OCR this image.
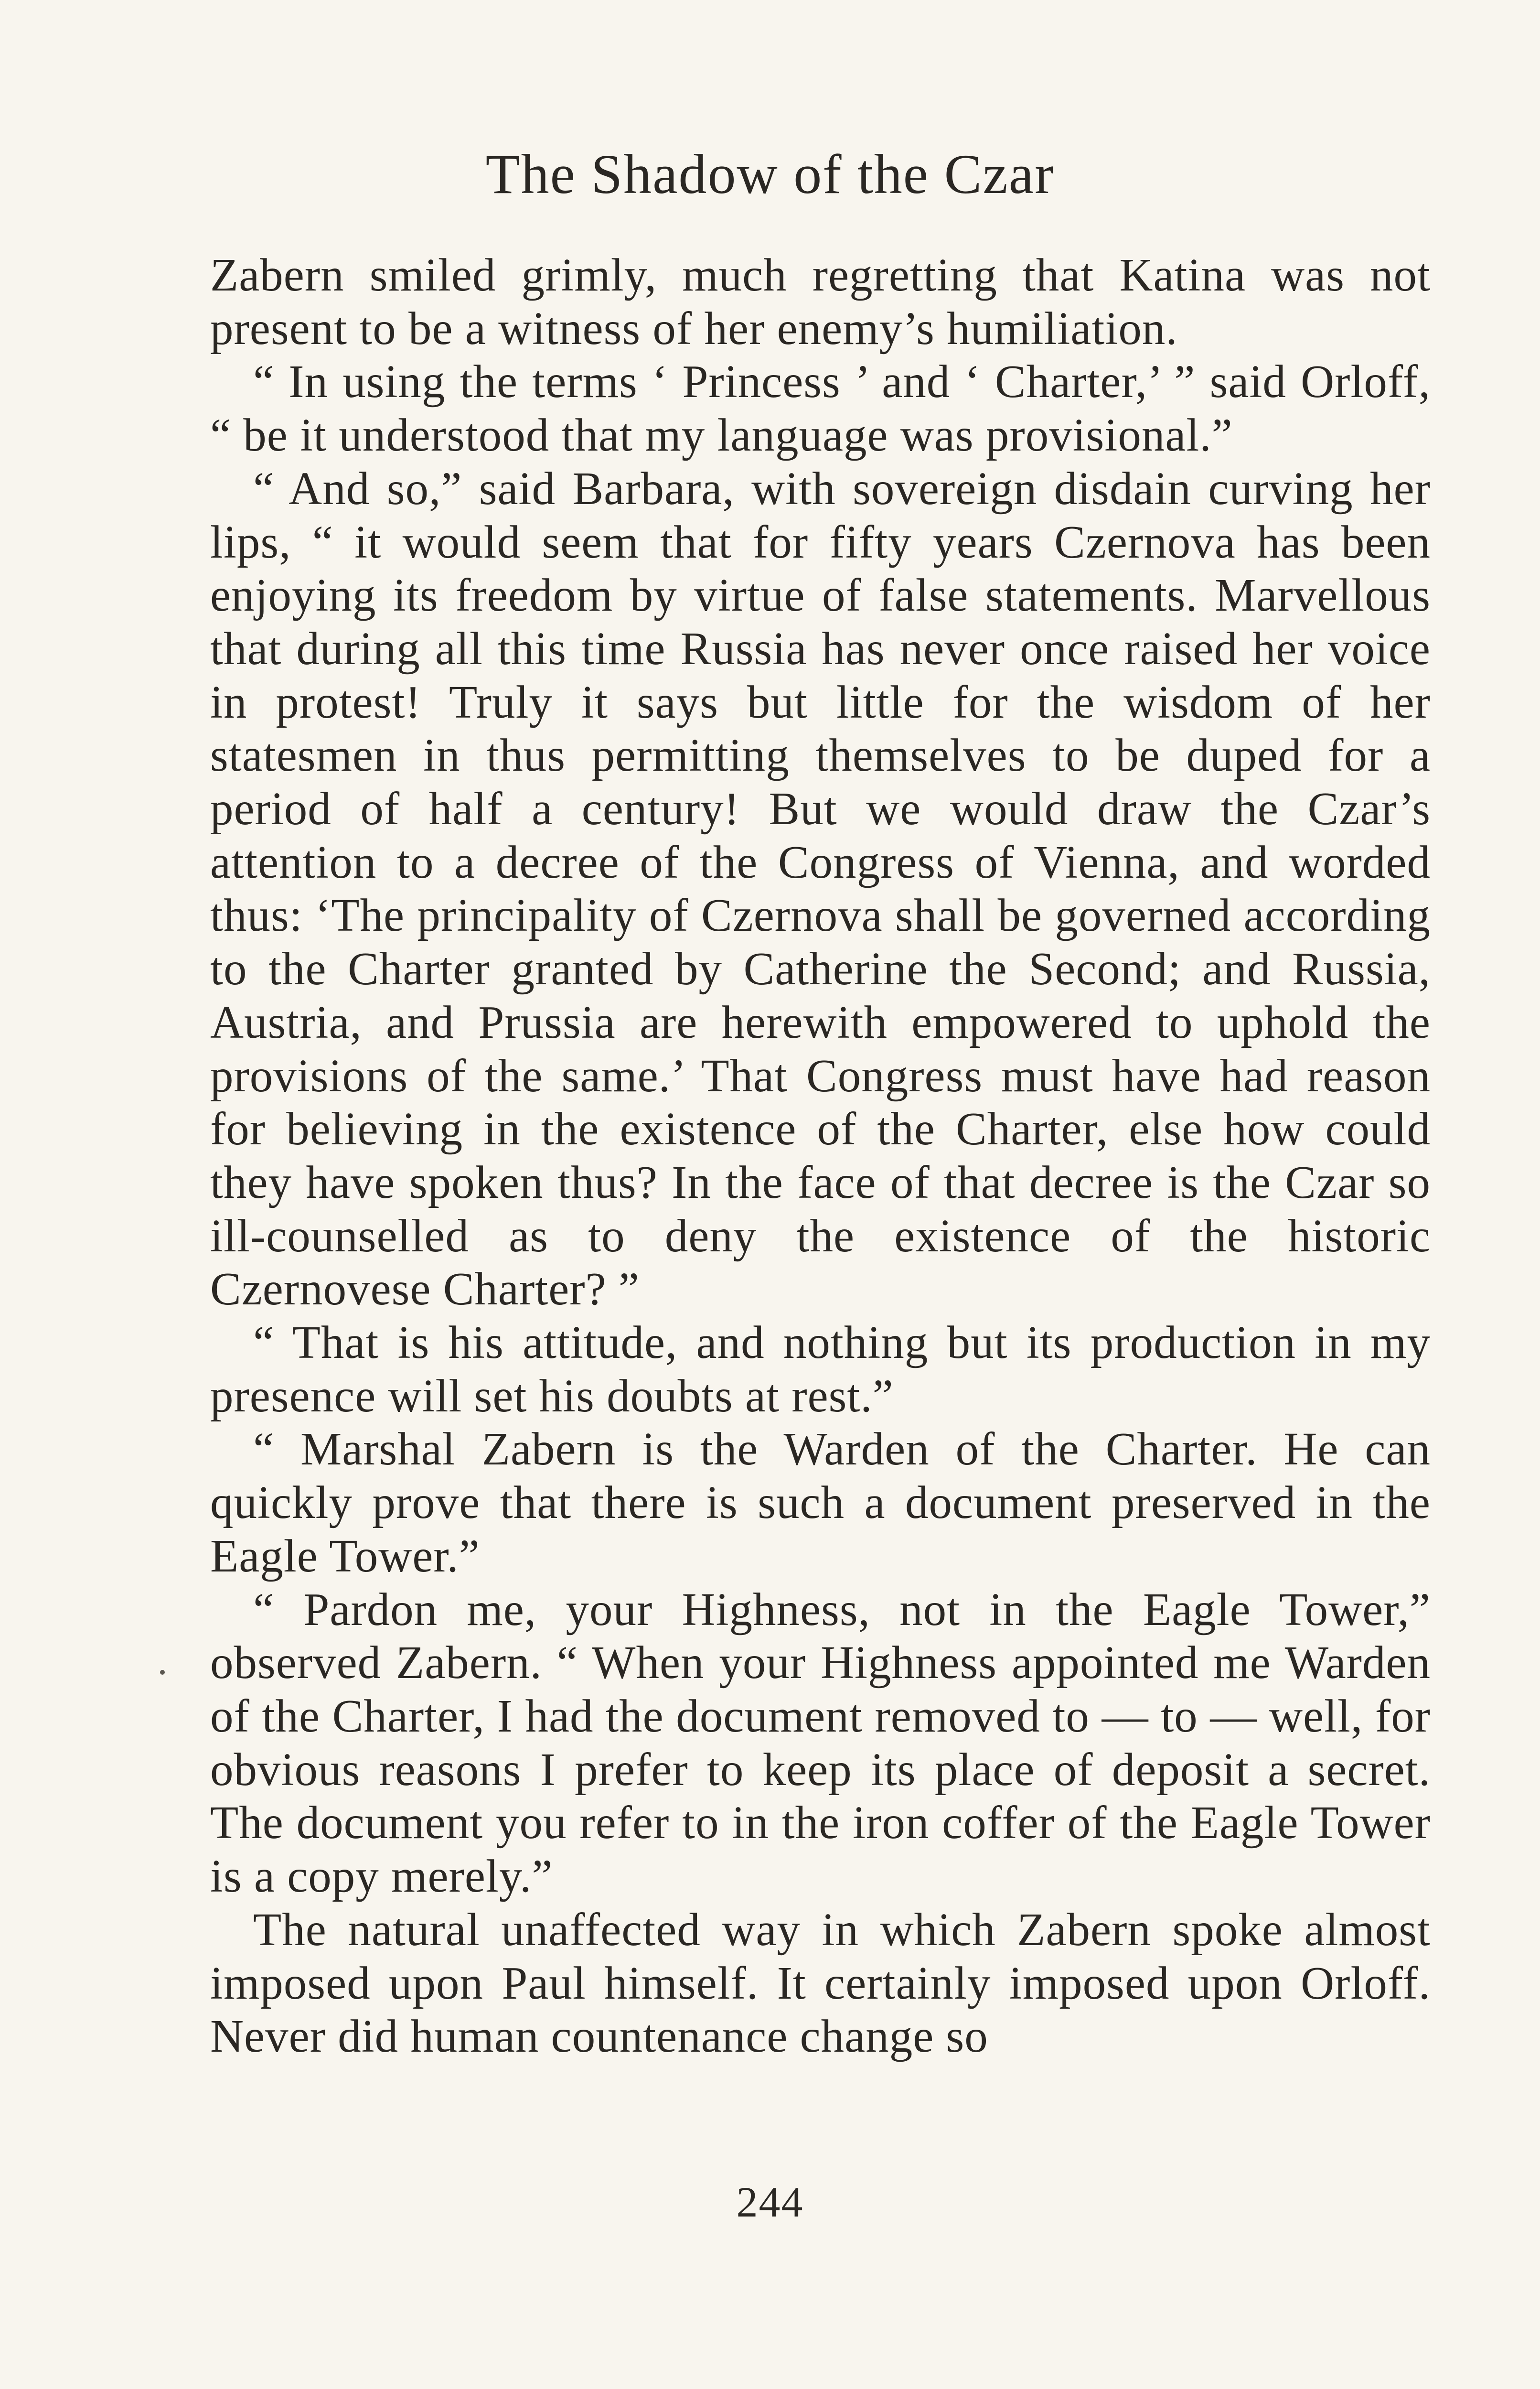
The Shadow of the Czar

Zabern smiled grimly, much regretting that Katina was not present to be a witness of her enemy’s humiliation.

“ In using the terms ‘ Princess ’ and ‘ Charter,’ ” said Orloff, “ be it understood that my language was provisional.”

“ And so,” said Barbara, with sovereign disdain curving her lips, “ it would seem that for fifty years Czernova has been enjoying its freedom by virtue of false statements. Marvellous that during all this time Russia has never once raised her voice in protest! Truly it says but little for the wisdom of her statesmen in thus permitting themselves to be duped for a period of half a century! But we would draw the Czar’s attention to a decree of the Congress of Vienna, and worded thus: ‘The principality of Czernova shall be governed according to the Charter granted by Catherine the Second; and Russia, Austria, and Prussia are herewith empowered to uphold the provisions of the same.’ That Congress must have had reason for believing in the existence of the Charter, else how could they have spoken thus? In the face of that decree is the Czar so ill-counselled as to deny the existence of the historic Czernovese Charter? ”

“ That is his attitude, and nothing but its production in my presence will set his doubts at rest.”

“ Marshal Zabern is the Warden of the Charter. He can quickly prove that there is such a document preserved in the Eagle Tower.”

“ Pardon me, your Highness, not in the Eagle Tower,” observed Zabern. “ When your Highness appointed me Warden of the Charter, I had the document removed to — to — well, for obvious reasons I prefer to keep its place of deposit a secret. The document you refer to in the iron coffer of the Eagle Tower is a copy merely.”

The natural unaffected way in which Zabern spoke almost imposed upon Paul himself. It certainly imposed upon Orloff. Never did human countenance change so

244
